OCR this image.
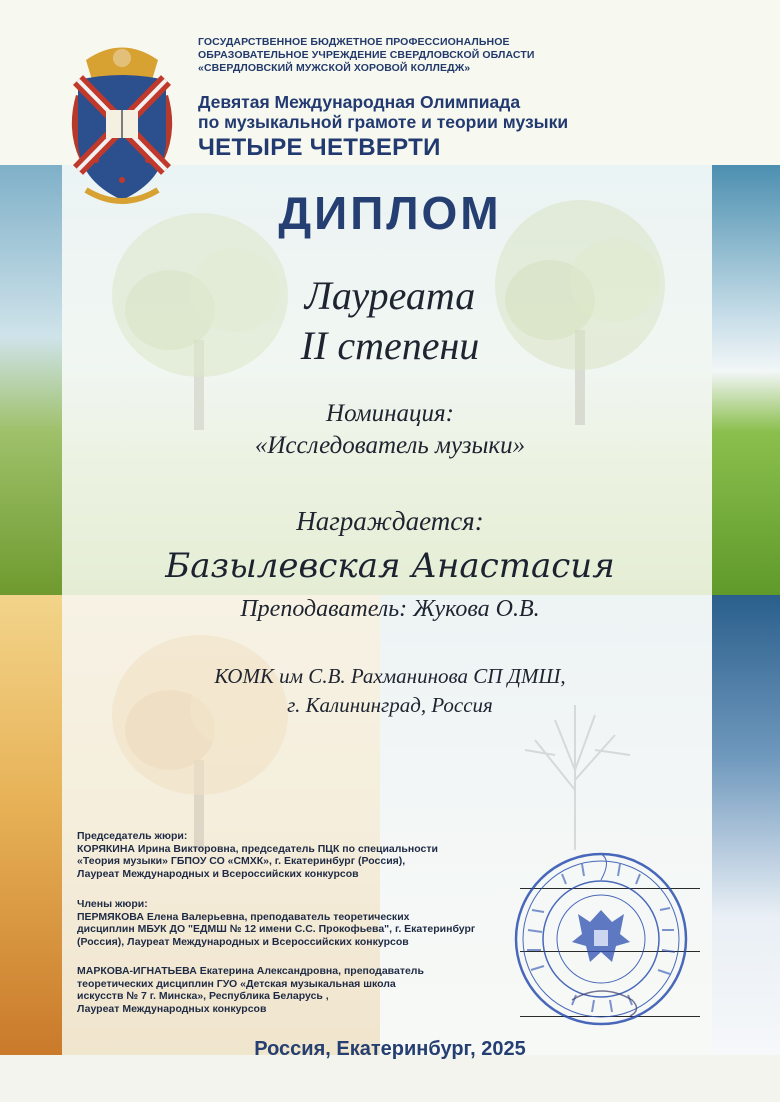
ГОСУДАРСТВЕННОЕ БЮДЖЕТНОЕ ПРОФЕССИОНАЛЬНОЕ
ОБРАЗОВАТЕЛЬНОЕ УЧРЕЖДЕНИЕ СВЕРДЛОВСКОЙ ОБЛАСТИ
«СВЕРДЛОВСКИЙ МУЖСКОЙ ХОРОВОЙ КОЛЛЕДЖ»
Девятая Международная Олимпиада
по музыкальной грамоте и теории музыки
ЧЕТЫРЕ ЧЕТВЕРТИ
ДИПЛОМ
Лауреата
II степени
Номинация:
«Исследователь музыки»
Награждается:
Базылевская Анастасия
Преподаватель: Жукова О.В.
КОМК им С.В. Рахманинова СП ДМШ,
г. Калининград, Россия
Председатель жюри:
КОРЯКИНА Ирина Викторовна, председатель ПЦК по специальности
«Теория музыки» ГБПОУ СО «СМХК», г. Екатеринбург (Россия),
Лауреат Международных и Всероссийских конкурсов
Члены жюри:
ПЕРМЯКОВА Елена Валерьевна, преподаватель теоретических
дисциплин МБУК ДО "ЕДМШ № 12 имени С.С. Прокофьева", г. Екатеринбург
(Россия), Лауреат Международных и Всероссийских конкурсов
МАРКОВА-ИГНАТЬЕВА Екатерина Александровна, преподаватель
теоретических дисциплин ГУО «Детская музыкальная школа
искусств № 7 г. Минска», Республика Беларусь ,
Лауреат Международных конкурсов
Россия, Екатеринбург, 2025
